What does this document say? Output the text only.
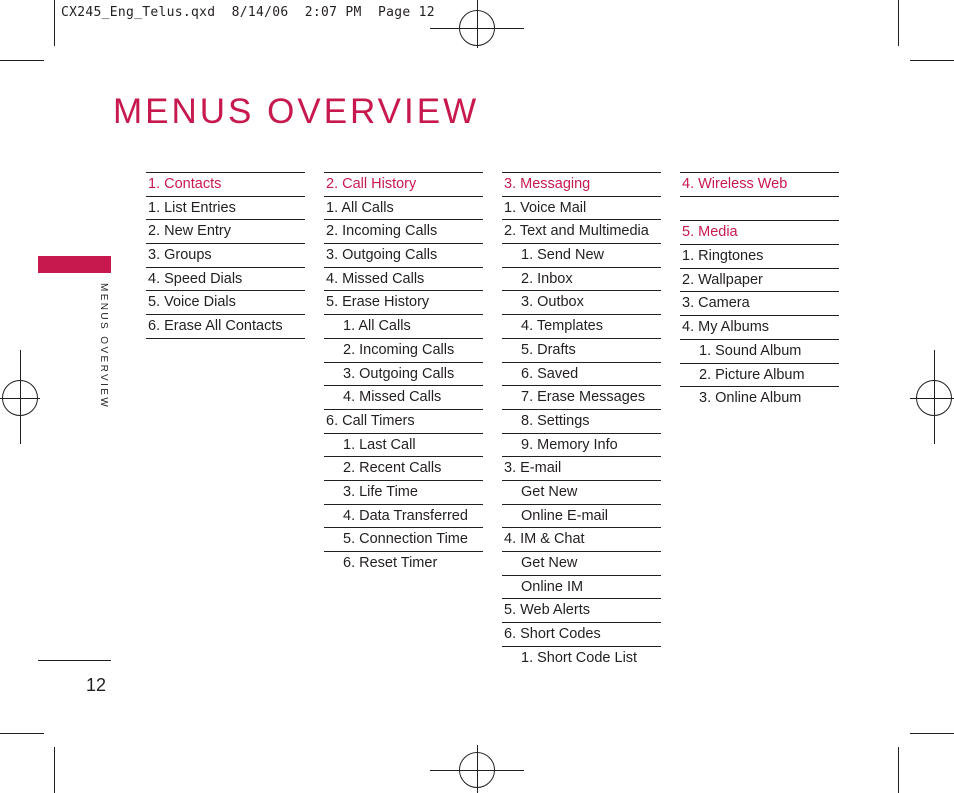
CX245_Eng_Telus.qxd  8/14/06  2:07 PM  Page 12
MENUS OVERVIEW
MENUS OVERVIEW
12
1. Contacts
1. List Entries
2. New Entry
3. Groups
4. Speed Dials
5. Voice Dials
6. Erase All Contacts
2. Call History
1. All Calls
2. Incoming Calls
3. Outgoing Calls
4. Missed Calls
5. Erase History
1. All Calls
2. Incoming Calls
3. Outgoing Calls
4. Missed Calls
6. Call Timers
1. Last Call
2. Recent Calls
3. Life Time
4. Data Transferred
5. Connection Time
6. Reset Timer
3. Messaging
1. Voice Mail
2. Text and Multimedia
1. Send New
2. Inbox
3. Outbox
4. Templates
5. Drafts
6. Saved
7. Erase Messages
8. Settings
9. Memory Info
3. E-mail
Get New
Online E-mail
4. IM & Chat
Get New
Online IM
5. Web Alerts
6. Short Codes
1. Short Code List
4. Wireless Web
5. Media
1. Ringtones
2. Wallpaper
3. Camera
4. My Albums
1. Sound Album
2. Picture Album
3. Online Album
